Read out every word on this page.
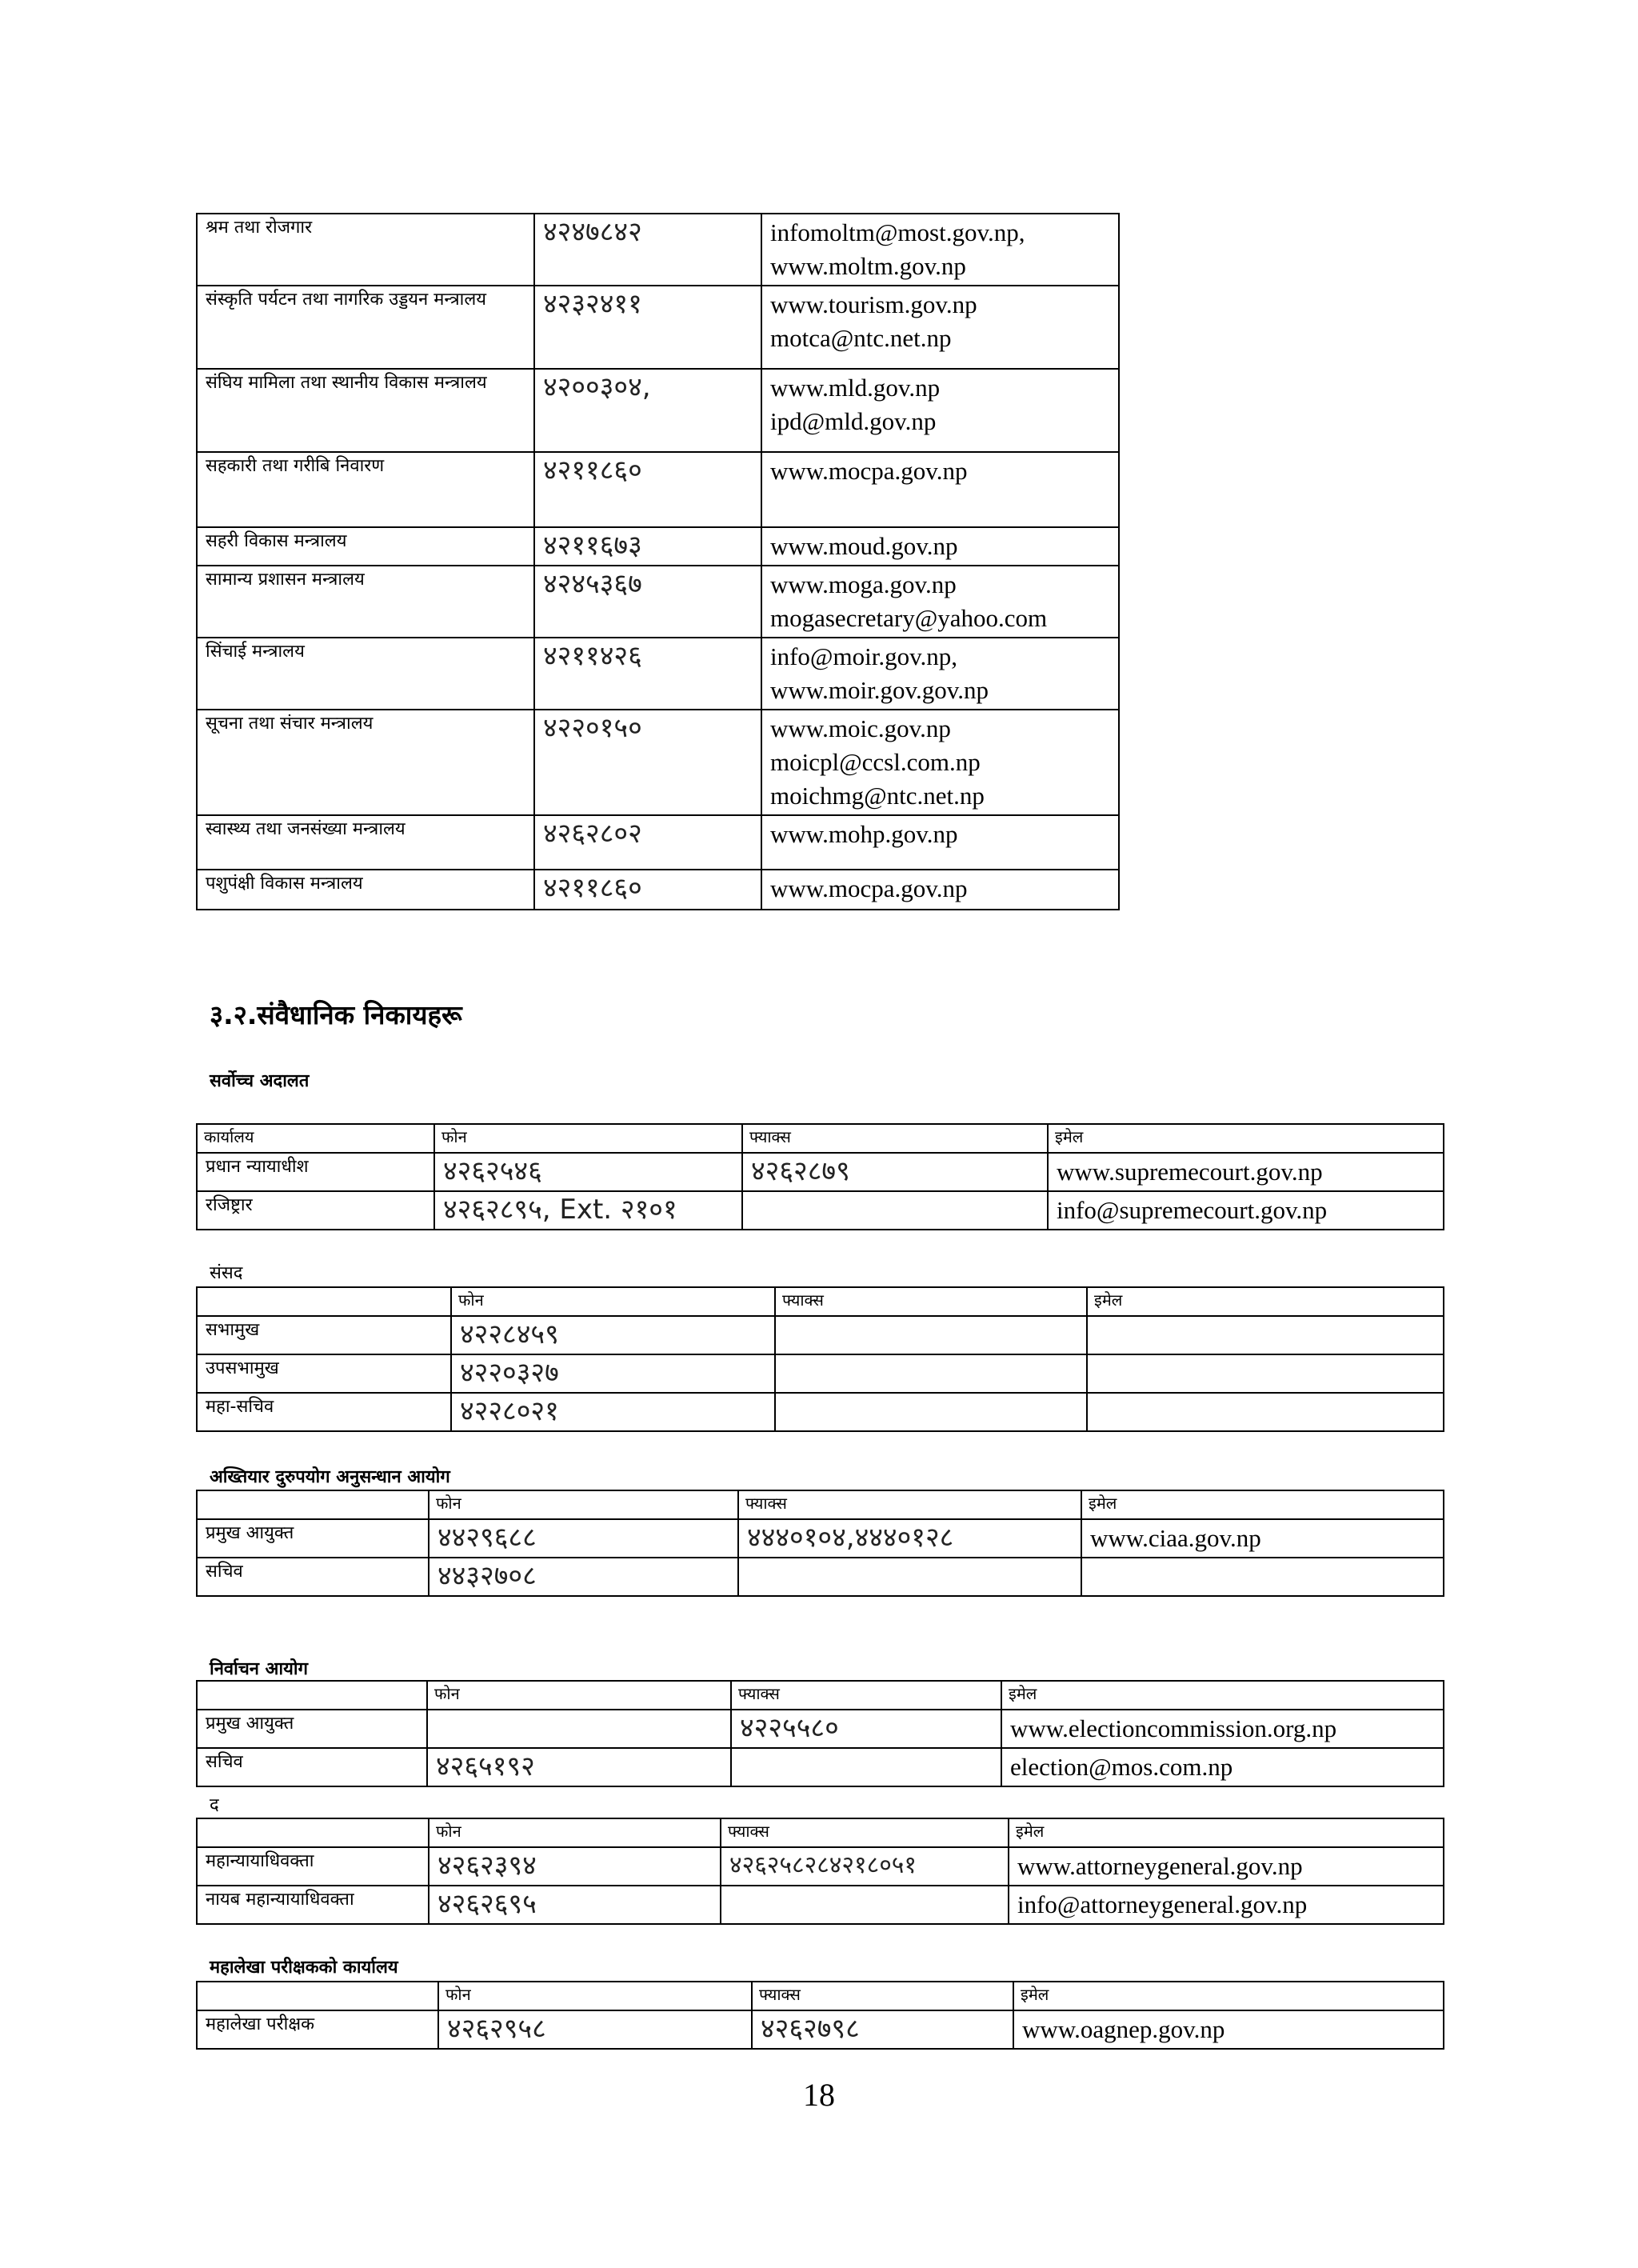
श्रम तथा रोजगार	४२४७८४२	infomoltm@most.gov.np,
www.moltm.gov.np

संस्कृति पर्यटन तथा नागरिक उड्डयन मन्त्रालय	४२३२४११	www.tourism.gov.np
motca@ntc.net.np

संघिय मामिला तथा स्थानीय विकास मन्त्रालय	४२००३०४,	www.mld.gov.np
ipd@mld.gov.np

सहकारी तथा गरीबि निवारण	४२११८६०	www.mocpa.gov.np

सहरी विकास मन्त्रालय	४२११६७३	www.moud.gov.np

सामान्य प्रशासन मन्त्रालय	४२४५३६७	www.moga.gov.np
mogasecretary@yahoo.com

सिंचाई मन्त्रालय	४२११४२६	info@moir.gov.np,
www.moir.gov.gov.np

सूचना तथा संचार मन्त्रालय	४२२०१५०	www.moic.gov.np
moicpl@ccsl.com.np
moichmg@ntc.net.np

स्वास्थ्य तथा जनसंख्या मन्त्रालय	४२६२८०२	www.mohp.gov.np

पशुपंक्षी विकास मन्त्रालय	४२११८६०	www.mocpa.gov.np
३.२.संवैधानिक निकायहरू

सर्वोच्च अदालत

कार्यालय	फोन	फ्याक्स	इमेल
प्रधान न्यायाधीश	४२६२५४६	४२६२८७९	www.supremecourt.gov.np
रजिष्ट्रार	४२६२८९५, Ext. २१०१		info@supremecourt.gov.np

संसद

	फोन	फ्याक्स	इमेल
सभामुख	४२२८४५९		
उपसभामुख	४२२०३२७		
महा-सचिव	४२२८०२१		

अख्तियार दुरुपयोग अनुसन्धान आयोग

	फोन	फ्याक्स	इमेल
प्रमुख आयुक्त	४४२९६८८	४४४०१०४,४४४०१२८	www.ciaa.gov.np
सचिव	४४३२७०८		

निर्वाचन आयोग

	फोन	फ्याक्स	इमेल
प्रमुख आयुक्त		४२२५५८०	www.electioncommission.org.np
सचिव	४२६५१९२		election@mos.com.np

द

	फोन	फ्याक्स	इमेल
महान्यायाधिवक्ता	४२६२३९४	४२६२५८२८४२१८०५१	www.attorneygeneral.gov.np
नायब महान्यायाधिवक्ता	४२६२६९५		info@attorneygeneral.gov.np

महालेखा परीक्षकको कार्यालय

	फोन	फ्याक्स	इमेल
महालेखा परीक्षक	४२६२९५८	४२६२७९८	www.oagnep.gov.np
18
